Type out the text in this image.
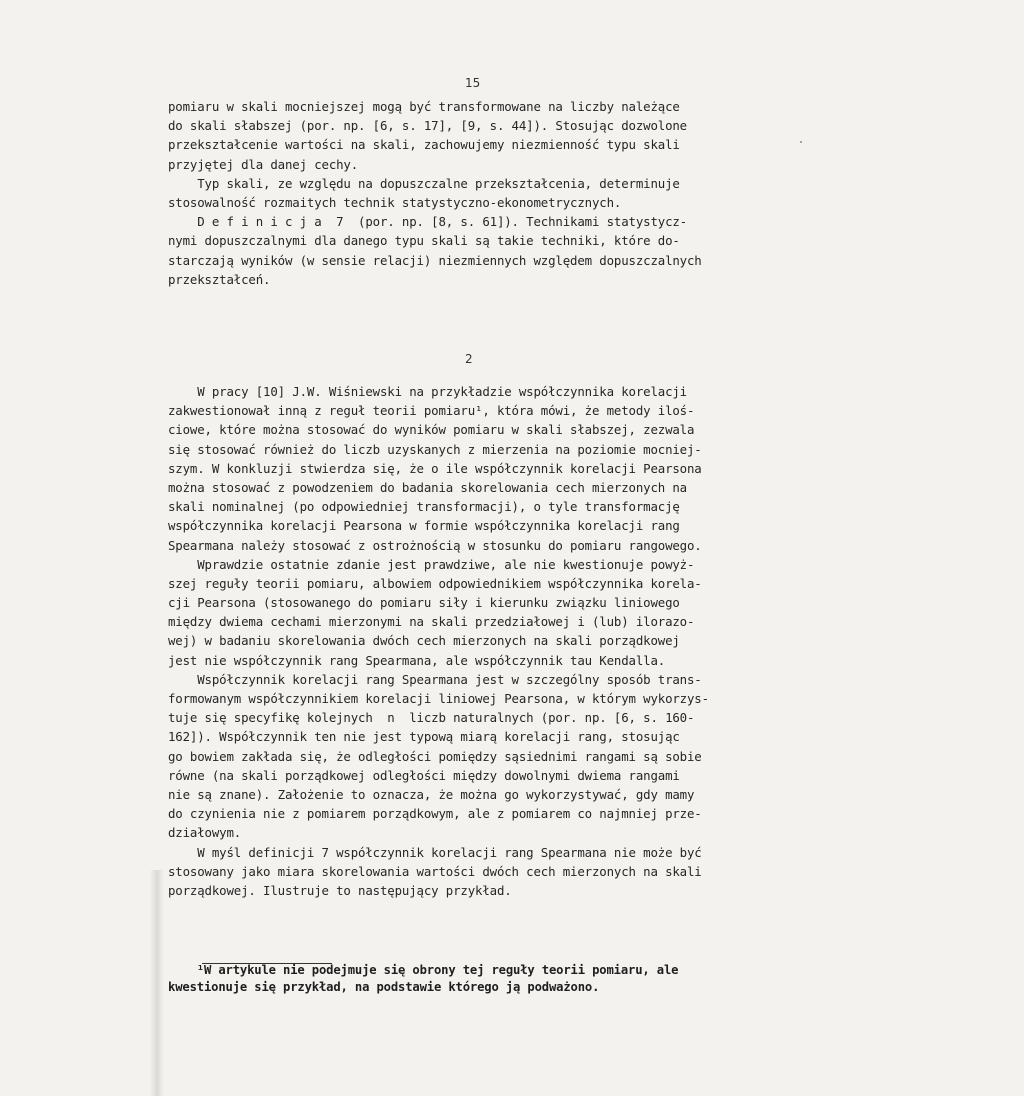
15
pomiaru w skali mocniejszej mogą być transformowane na liczby należące
do skali słabszej (por. np. [6, s. 17], [9, s. 44]). Stosując dozwolone
przekształcenie wartości na skali, zachowujemy niezmienność typu skali
przyjętej dla danej cechy.
Typ skali, ze względu na dopuszczalne przekształcenia, determinuje
stosowalność rozmaitych technik statystyczno-ekonometrycznych.
D e f i n i c j a  7  (por. np. [8, s. 61]). Technikami statystycz-
nymi dopuszczalnymi dla danego typu skali są takie techniki, które do-
starczają wyników (w sensie relacji) niezmiennych względem dopuszczalnych
przekształceń.
2
W pracy [10] J.W. Wiśniewski na przykładzie współczynnika korelacji
zakwestionował inną z reguł teorii pomiaru¹, która mówi, że metody iloś-
ciowe, które można stosować do wyników pomiaru w skali słabszej, zezwala
się stosować również do liczb uzyskanych z mierzenia na poziomie mocniej-
szym. W konkluzji stwierdza się, że o ile współczynnik korelacji Pearsona
można stosować z powodzeniem do badania skorelowania cech mierzonych na
skali nominalnej (po odpowiedniej transformacji), o tyle transformację
współczynnika korelacji Pearsona w formie współczynnika korelacji rang
Spearmana należy stosować z ostrożnością w stosunku do pomiaru rangowego.
Wprawdzie ostatnie zdanie jest prawdziwe, ale nie kwestionuje powyż-
szej reguły teorii pomiaru, albowiem odpowiednikiem współczynnika korela-
cji Pearsona (stosowanego do pomiaru siły i kierunku związku liniowego
między dwiema cechami mierzonymi na skali przedziałowej i (lub) ilorazo-
wej) w badaniu skorelowania dwóch cech mierzonych na skali porządkowej
jest nie współczynnik rang Spearmana, ale współczynnik tau Kendalla.
Współczynnik korelacji rang Spearmana jest w szczególny sposób trans-
formowanym współczynnikiem korelacji liniowej Pearsona, w którym wykorzys-
tuje się specyfikę kolejnych  n  liczb naturalnych (por. np. [6, s. 160-
162]). Współczynnik ten nie jest typową miarą korelacji rang, stosując
go bowiem zakłada się, że odległości pomiędzy sąsiednimi rangami są sobie
równe (na skali porządkowej odległości między dowolnymi dwiema rangami
nie są znane). Założenie to oznacza, że można go wykorzystywać, gdy mamy
do czynienia nie z pomiarem porządkowym, ale z pomiarem co najmniej prze-
działowym.
W myśl definicji 7 współczynnik korelacji rang Spearmana nie może być
stosowany jako miara skorelowania wartości dwóch cech mierzonych na skali
porządkowej. Ilustruje to następujący przykład.
¹W artykule nie podejmuje się obrony tej reguły teorii pomiaru, ale
kwestionuje się przykład, na podstawie którego ją podważono.
